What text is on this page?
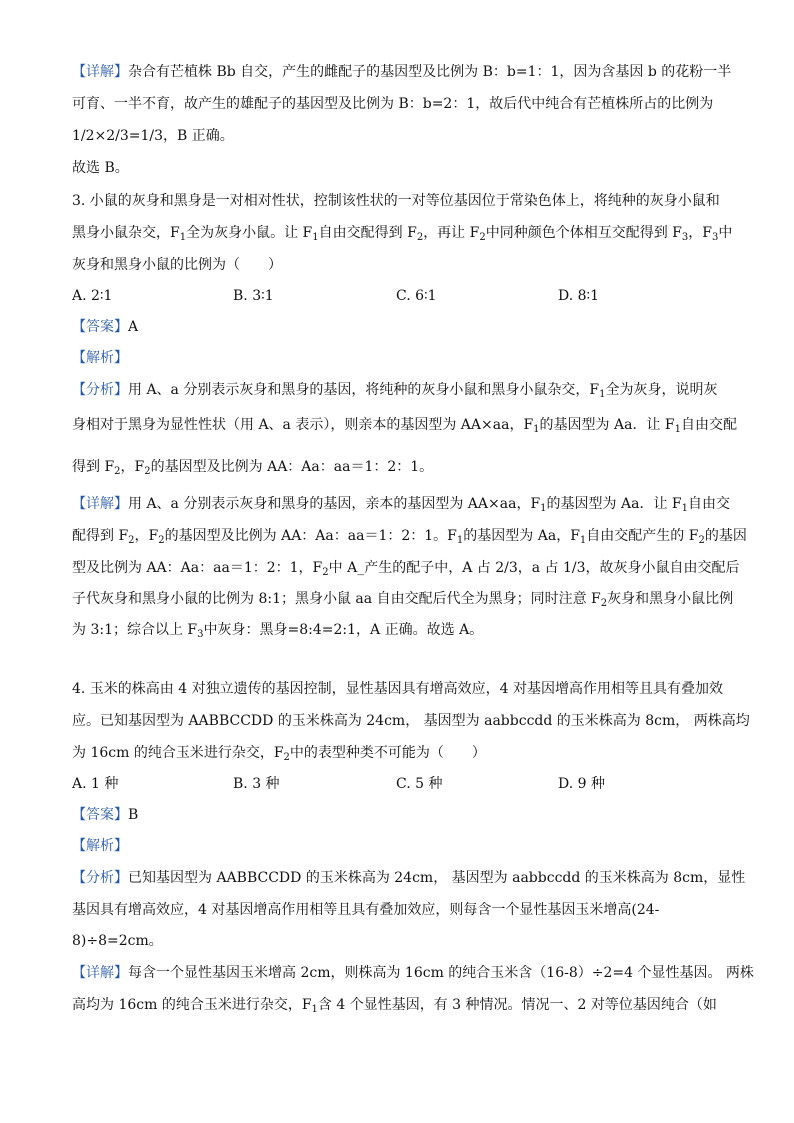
【详解】杂合有芒植株 Bb 自交，产生的雌配子的基因型及比例为 B：b=1：1，因为含基因 b 的花粉一半
可育、一半不育，故产生的雄配子的基因型及比例为 B：b=2：1，故后代中纯合有芒植株所占的比例为
1/2×2/3=1/3，B 正确。
故选 B。
3. 小鼠的灰身和黑身是一对相对性状，控制该性状的一对等位基因位于常染色体上，将纯种的灰身小鼠和
黑身小鼠杂交，$F_1$全为灰身小鼠。让 $F_1$自由交配得到 $F_2$，再让 $F_2$中同种颜色个体相互交配得到 $F_3$，$F_3$中
灰身和黑身小鼠的比例为（　　）
A. 2∶1	B. 3∶1	C. 6∶1	D. 8∶1
【答案】A
【解析】
【分析】用 A、a 分别表示灰身和黑身的基因，将纯种的灰身小鼠和黑身小鼠杂交，$F_1$全为灰身，说明灰
身相对于黑身为显性性状（用 A、a 表示），则亲本的基因型为 AA×aa，$F_1$的基因型为 Aa．让 $F_1$自由交配
得到 $F_2$，$F_2$的基因型及比例为 AA：Aa：aa＝1：2：1。
【详解】用 A、a 分别表示灰身和黑身的基因，亲本的基因型为 AA×aa，$F_1$的基因型为 Aa．让 $F_1$自由交
配得到 $F_2$，$F_2$的基因型及比例为 AA：Aa：aa＝1：2：1。$F_1$的基因型为 Aa，$F_1$自由交配产生的 $F_2$的基因
型及比例为 AA：Aa：aa＝1：2：1，$F_2$中 A_产生的配子中，A 占 2/3，a 占 1/3，故灰身小鼠自由交配后
子代灰身和黑身小鼠的比例为 8:1；黑身小鼠 aa 自由交配后代全为黑身；同时注意 $F_2$灰身和黑身小鼠比例
为 3:1；综合以上 $F_3$中灰身：黑身=8:4=2:1，A 正确。故选 A。
4. 玉米的株高由 4 对独立遗传的基因控制，显性基因具有增高效应，4 对基因增高作用相等且具有叠加效
应。已知基因型为 AABBCCDD 的玉米株高为 24cm， 基因型为 aabbccdd 的玉米株高为 8cm， 两株高均
为 16cm 的纯合玉米进行杂交，$F_2$中的表型种类不可能为（　　）
A. 1 种	B. 3 种	C. 5 种	D. 9 种
【答案】B
【解析】
【分析】已知基因型为 AABBCCDD 的玉米株高为 24cm， 基因型为 aabbccdd 的玉米株高为 8cm，显性
基因具有增高效应，4 对基因增高作用相等且具有叠加效应，则每含一个显性基因玉米增高(24-
8)÷8=2cm。
【详解】每含一个显性基因玉米增高 2cm，则株高为 16cm 的纯合玉米含（16-8）÷2=4 个显性基因。 两株
高均为 16cm 的纯合玉米进行杂交，$F_1$含 4 个显性基因，有 3 种情况。情况一、2 对等位基因纯合（如
